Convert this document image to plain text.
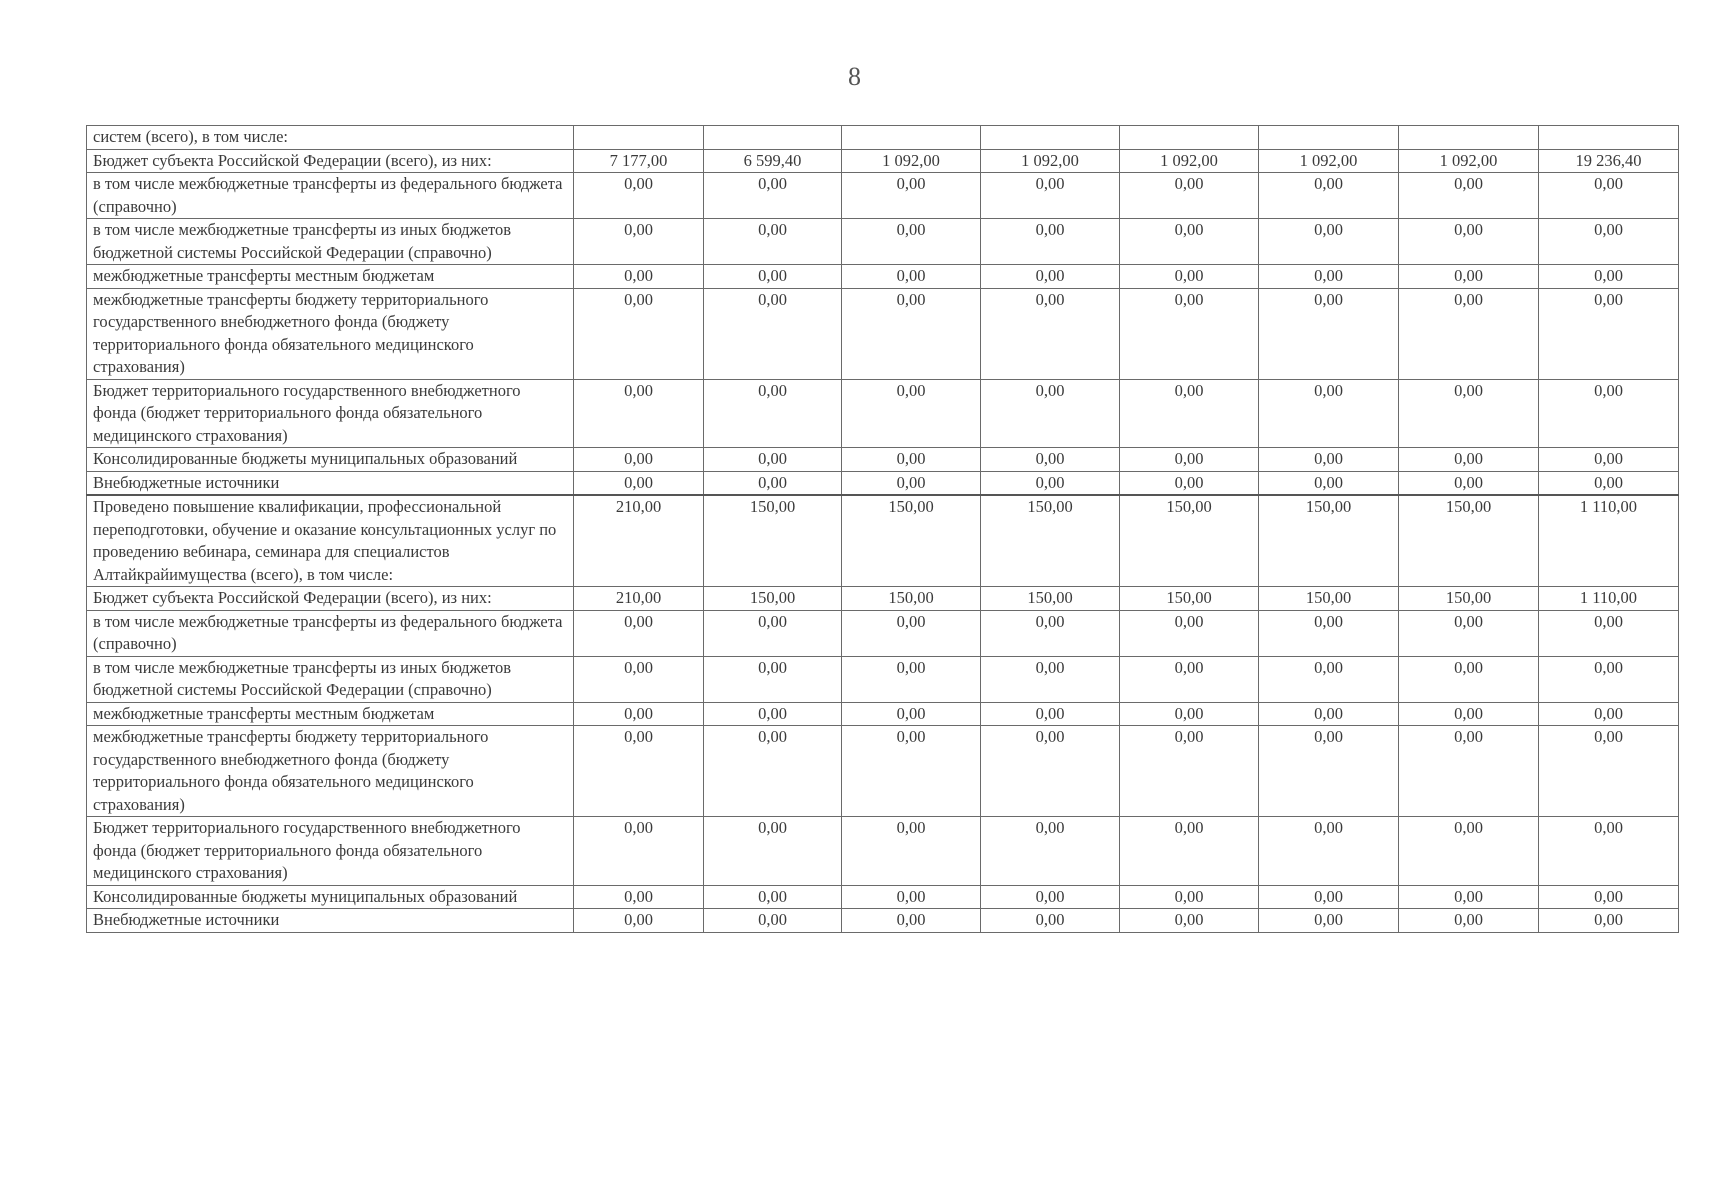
8
систем (всего), в том числе:								
Бюджет субъекта Российской Федерации (всего), из них:	7 177,00	6 599,40	1 092,00	1 092,00	1 092,00	1 092,00	1 092,00	19 236,40
в том числе межбюджетные трансферты из федерального бюджета (справочно)	0,00	0,00	0,00	0,00	0,00	0,00	0,00	0,00
в том числе межбюджетные трансферты из иных бюджетов бюджетной системы Российской Федерации (справочно)	0,00	0,00	0,00	0,00	0,00	0,00	0,00	0,00
межбюджетные трансферты местным бюджетам	0,00	0,00	0,00	0,00	0,00	0,00	0,00	0,00
межбюджетные трансферты бюджету территориального государственного внебюджетного фонда (бюджету территориального фонда обязательного медицинского страхования)	0,00	0,00	0,00	0,00	0,00	0,00	0,00	0,00
Бюджет территориального государственного внебюджетного фонда (бюджет территориального фонда обязательного медицинского страхования)	0,00	0,00	0,00	0,00	0,00	0,00	0,00	0,00
Консолидированные бюджеты муниципальных образований	0,00	0,00	0,00	0,00	0,00	0,00	0,00	0,00
Внебюджетные источники	0,00	0,00	0,00	0,00	0,00	0,00	0,00	0,00
Проведено повышение квалификации, профессиональной переподготовки, обучение и оказание консультационных услуг по проведению вебинара, семинара для специалистов Алтайкрайимущества (всего), в том числе:	210,00	150,00	150,00	150,00	150,00	150,00	150,00	1 110,00
Бюджет субъекта Российской Федерации (всего), из них:	210,00	150,00	150,00	150,00	150,00	150,00	150,00	1 110,00
в том числе межбюджетные трансферты из федерального бюджета (справочно)	0,00	0,00	0,00	0,00	0,00	0,00	0,00	0,00
в том числе межбюджетные трансферты из иных бюджетов бюджетной системы Российской Федерации (справочно)	0,00	0,00	0,00	0,00	0,00	0,00	0,00	0,00
межбюджетные трансферты местным бюджетам	0,00	0,00	0,00	0,00	0,00	0,00	0,00	0,00
межбюджетные трансферты бюджету территориального государственного внебюджетного фонда (бюджету территориального фонда обязательного медицинского страхования)	0,00	0,00	0,00	0,00	0,00	0,00	0,00	0,00
Бюджет территориального государственного внебюджетного фонда (бюджет территориального фонда обязательного медицинского страхования)	0,00	0,00	0,00	0,00	0,00	0,00	0,00	0,00
Консолидированные бюджеты муниципальных образований	0,00	0,00	0,00	0,00	0,00	0,00	0,00	0,00
Внебюджетные источники	0,00	0,00	0,00	0,00	0,00	0,00	0,00	0,00
